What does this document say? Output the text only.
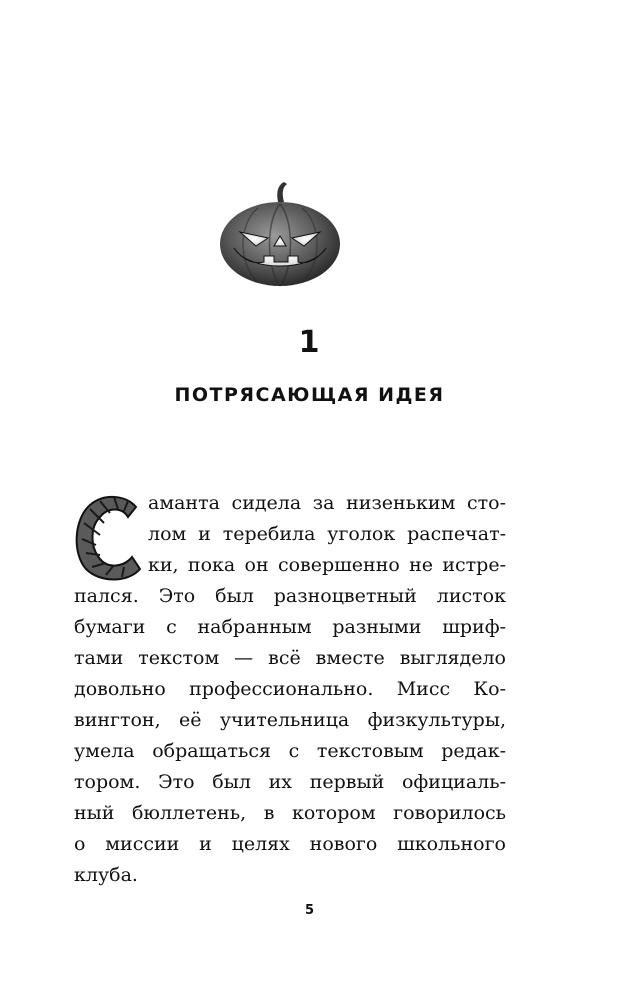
1
ПОТРЯСАЮЩАЯ ИДЕЯ
аманта сидела за низеньким сто-
лом и теребила уголок распечат-
ки, пока он совершенно не истре-
пался. Это был разноцветный листок
бумаги с набранным разными шриф-
тами текстом — всё вместе выглядело
довольно профессионально. Мисс Ко-
вингтон, её учительница физкультуры,
умела обращаться с текстовым редак-
тором. Это был их первый официаль-
ный бюллетень, в котором говорилось
о миссии и целях нового школьного
клуба.
5
